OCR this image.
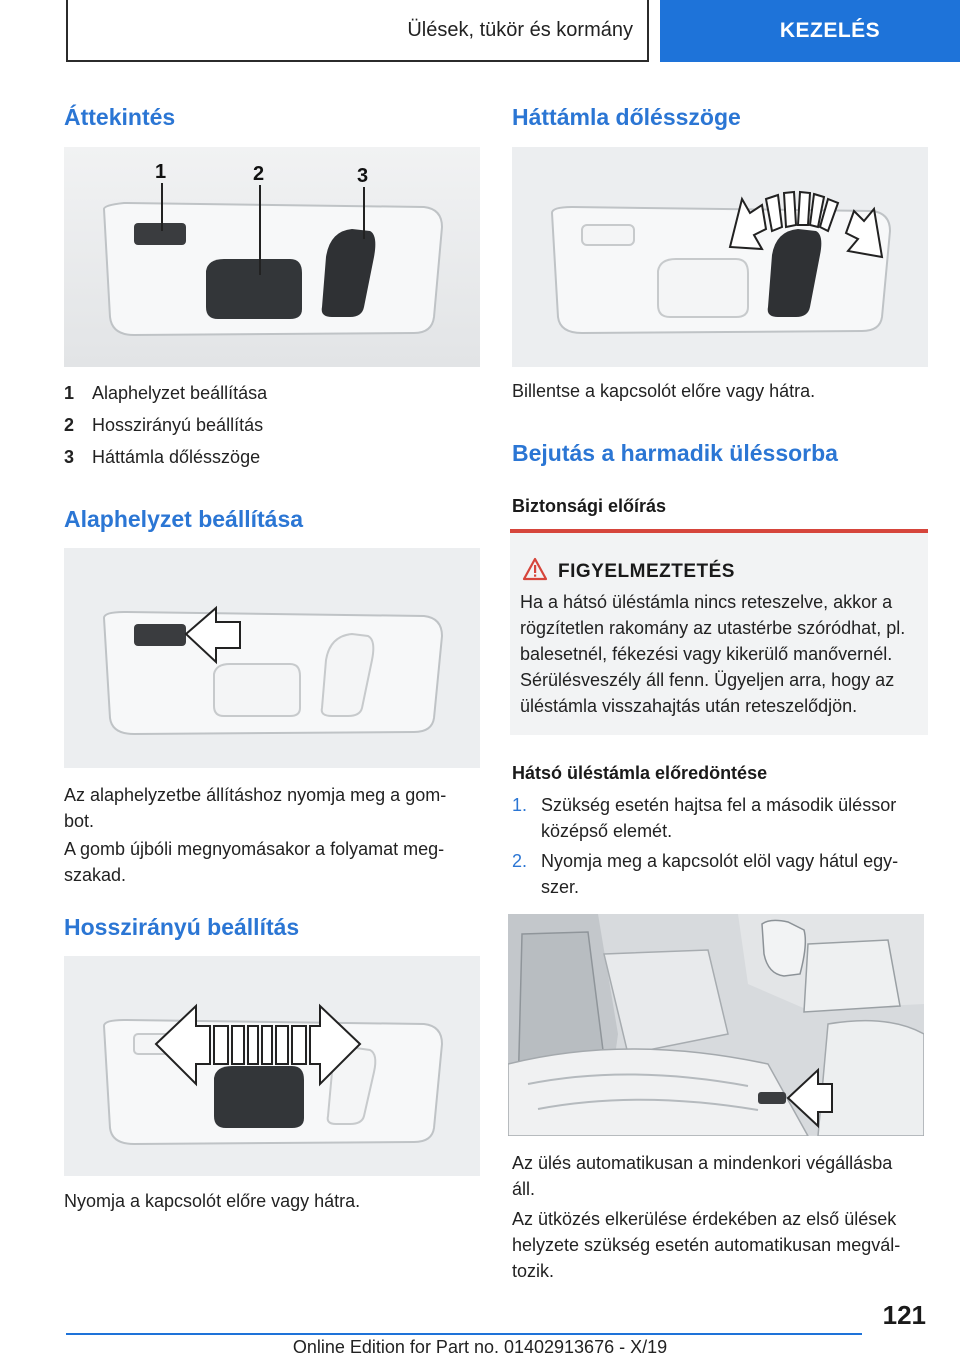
Ülések, tükör és kormány	KEZELÉS
Áttekintés
1	2	3
1 Alaphelyzet beállítása
2 Hosszirányú beállítás
3 Háttámla dőlésszöge
Alaphelyzet beállítása
Az alaphelyzetbe állításhoz nyomja meg a gom‐
bot.
A gomb újbóli megnyomásakor a folyamat meg‐
szakad.
Hosszirányú beállítás
Nyomja a kapcsolót előre vagy hátra.
Háttámla dőlésszöge
Billentse a kapcsolót előre vagy hátra.
Bejutás a harmadik üléssorba
Biztonsági előírás
FIGYELMEZTETÉS
Ha a hátsó üléstámla nincs reteszelve, akkor a
rögzítetlen rakomány az utastérbe szóródhat, pl.
balesetnél, fékezési vagy kikerülő manővernél.
Sérülésveszély áll fenn. Ügyeljen arra, hogy az
üléstámla visszahajtás után reteszelődjön.
Hátsó üléstámla előredöntése
1. Szükség esetén hajtsa fel a második üléssor
középső elemét.
2. Nyomja meg a kapcsolót elöl vagy hátul egy‐
szer.
Az ülés automatikusan a mindenkori végállásba
áll.
Az ütközés elkerülése érdekében az első ülések
helyzete szükség esetén automatikusan megvál‐
tozik.
121
Online Edition for Part no. 01402913676 - X/19
